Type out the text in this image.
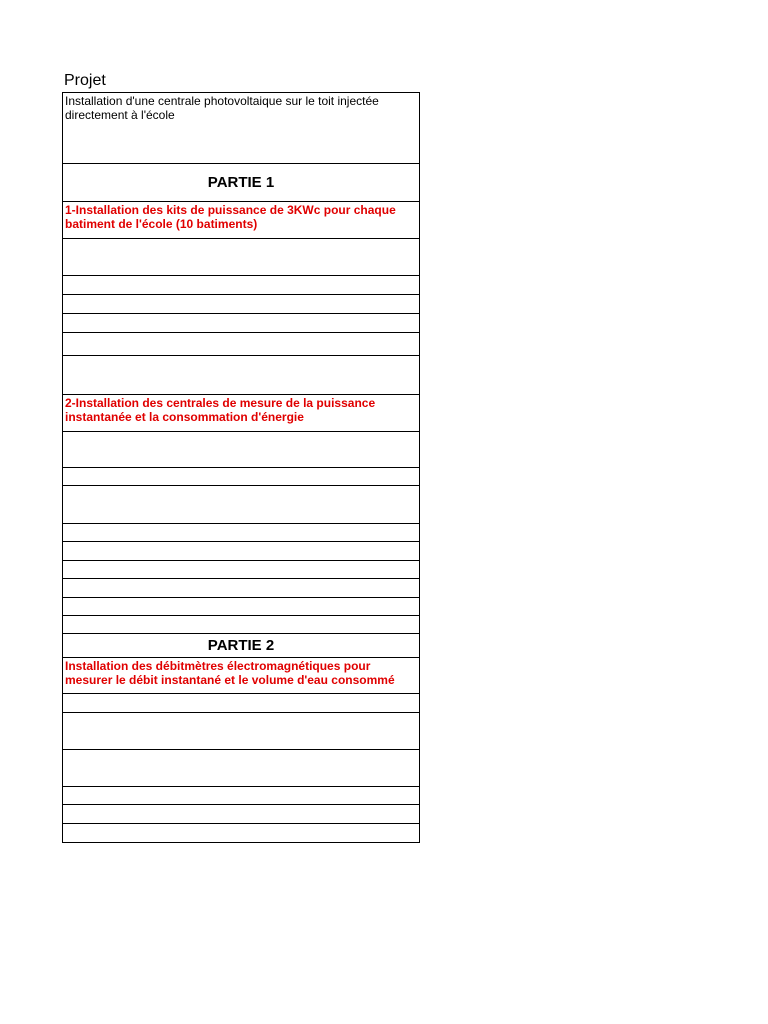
Projet
Installation d'une centrale photovoltaique sur le toit injectée directement à l'école
PARTIE 1
1-Installation des kits de puissance de 3KWc pour chaque batiment de l'école (10 batiments)
2-Installation des centrales de mesure de la puissance instantanée et la consommation d'énergie
PARTIE 2
Installation des débitmètres électromagnétiques pour mesurer le débit instantané et le volume d'eau consommé
